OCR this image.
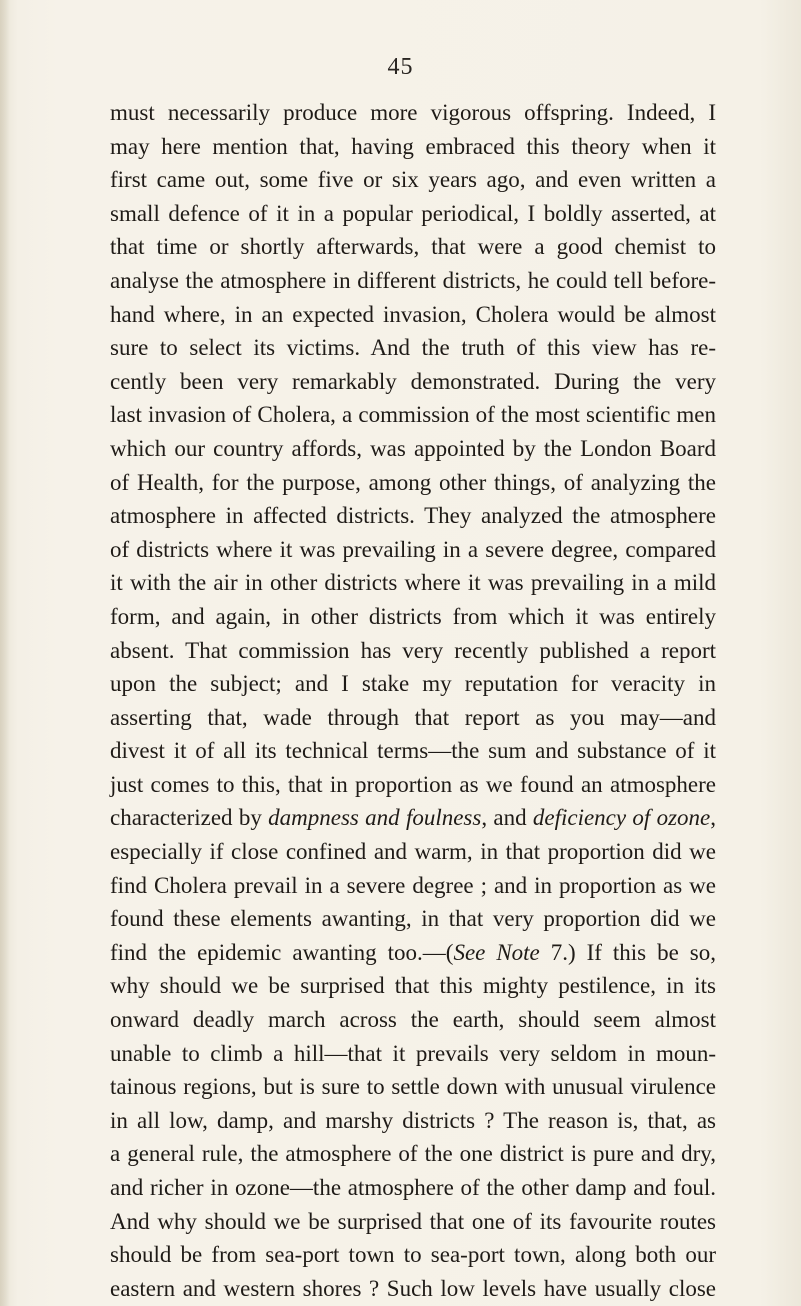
45
must necessarily produce more vigorous offspring. Indeed, I
may here mention that, having embraced this theory when it
first came out, some five or six years ago, and even written a
small defence of it in a popular periodical, I boldly asserted, at
that time or shortly afterwards, that were a good chemist to
analyse the atmosphere in different districts, he could tell before-
hand where, in an expected invasion, Cholera would be almost
sure to select its victims. And the truth of this view has re-
cently been very remarkably demonstrated. During the very
last invasion of Cholera, a commission of the most scientific men
which our country affords, was appointed by the London Board
of Health, for the purpose, among other things, of analyzing the
atmosphere in affected districts. They analyzed the atmosphere
of districts where it was prevailing in a severe degree, compared
it with the air in other districts where it was prevailing in a mild
form, and again, in other districts from which it was entirely
absent. That commission has very recently published a report
upon the subject; and I stake my reputation for veracity in
asserting that, wade through that report as you may—and
divest it of all its technical terms—the sum and substance of it
just comes to this, that in proportion as we found an atmosphere
characterized by dampness and foulness, and deficiency of ozone,
especially if close confined and warm, in that proportion did we
find Cholera prevail in a severe degree ; and in proportion as we
found these elements awanting, in that very proportion did we
find the epidemic awanting too.—(See Note 7.) If this be so,
why should we be surprised that this mighty pestilence, in its
onward deadly march across the earth, should seem almost
unable to climb a hill—that it prevails very seldom in moun-
tainous regions, but is sure to settle down with unusual virulence
in all low, damp, and marshy districts ? The reason is, that, as
a general rule, the atmosphere of the one district is pure and dry,
and richer in ozone—the atmosphere of the other damp and foul.
And why should we be surprised that one of its favourite routes
should be from sea-port town to sea-port town, along both our
eastern and western shores ? Such low levels have usually close
